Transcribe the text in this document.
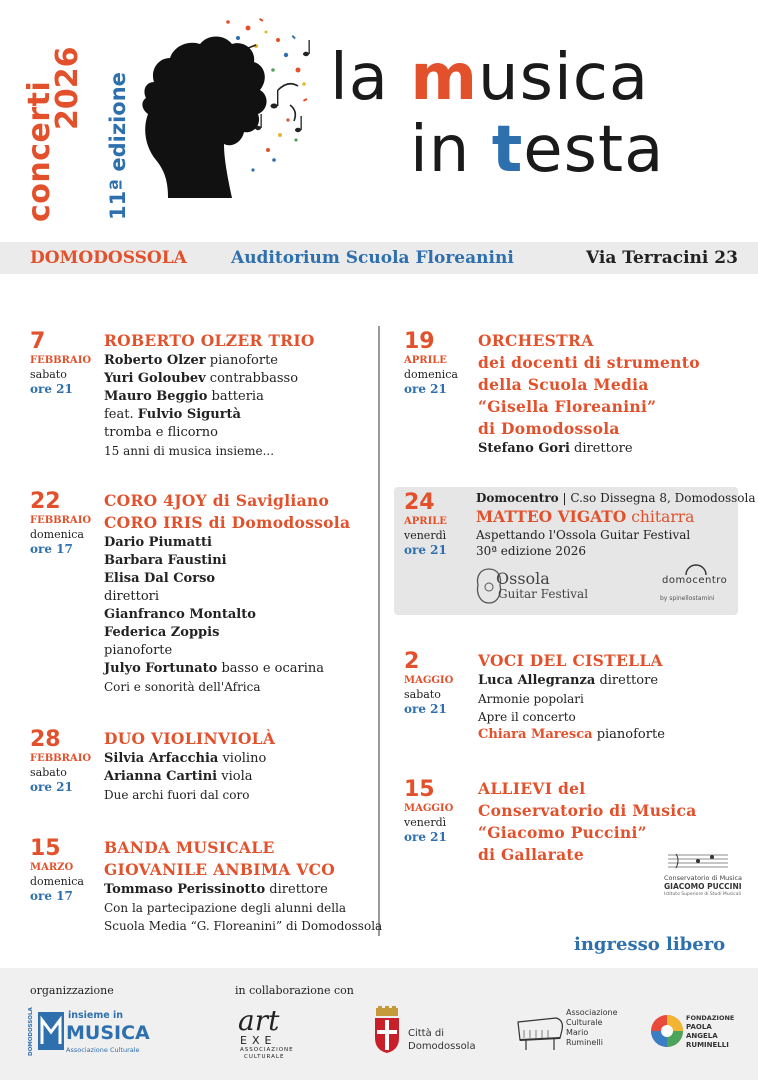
concerti
2026 11ª edizione	la musica
in testa
DOMODOSSOLA	Auditorium Scuola Floreanini	Via Terracini 23
7
FEBBRAIO
sabato
ore 21
ROBERTO OLZER TRIO
Roberto Olzer pianoforte
Yuri Goloubev contrabbasso
Mauro Beggio batteria
feat. Fulvio Sigurtà
tromba e flicorno
15 anni di musica insieme...
22
FEBBRAIO
domenica
ore 17
CORO 4JOY di Savigliano
CORO IRIS di Domodossola
Dario Piumatti
Barbara Faustini
Elisa Dal Corso
direttori
Gianfranco Montalto
Federica Zoppis
pianoforte
Julyo Fortunato basso e ocarina
Cori e sonorità dell'Africa
28
FEBBRAIO
sabato
ore 21
DUO VIOLINVIOLÀ
Silvia Arfacchia violino
Arianna Cartini viola
Due archi fuori dal coro
15
MARZO
domenica
ore 17
BANDA MUSICALE
GIOVANILE ANBIMA VCO
Tommaso Perissinotto direttore
Con la partecipazione degli alunni della
Scuola Media “G. Floreanini” di Domodossola
19
APRILE
domenica
ore 21
ORCHESTRA
dei docenti di strumento
della Scuola Media
“Gisella Floreanini”
di Domodossola
Stefano Gori direttore
24
APRILE
venerdì
ore 21
Domocentro | C.so Dissegna 8, Domodossola
MATTEO VIGATO chitarra
Aspettando l'Ossola Guitar Festival
30ª edizione 2026
Ossola
Guitar Festival
domocentro
by spinellostamini
2
MAGGIO
sabato
ore 21
VOCI DEL CISTELLA
Luca Allegranza direttore
Armonie popolari
Apre il concerto
Chiara Maresca pianoforte
15
MAGGIO
venerdì
ore 21
ALLIEVI del
Conservatorio di Musica
“Giacomo Puccini”
di Gallarate
Conservatorio di Musica
GIACOMO PUCCINI
Istituto Superiore di Studi Musicali
ingresso libero
organizzazione	in collaborazione con
DOMODOSSOLA	insieme in
MUSICA
Associazione Culturale
art
EXE
ASSOCIAZIONE
CULTURALE
Città di
Domodossola
Associazione
Culturale
Mario
Ruminelli
FONDAZIONE
PAOLA
ANGELA
RUMINELLI
